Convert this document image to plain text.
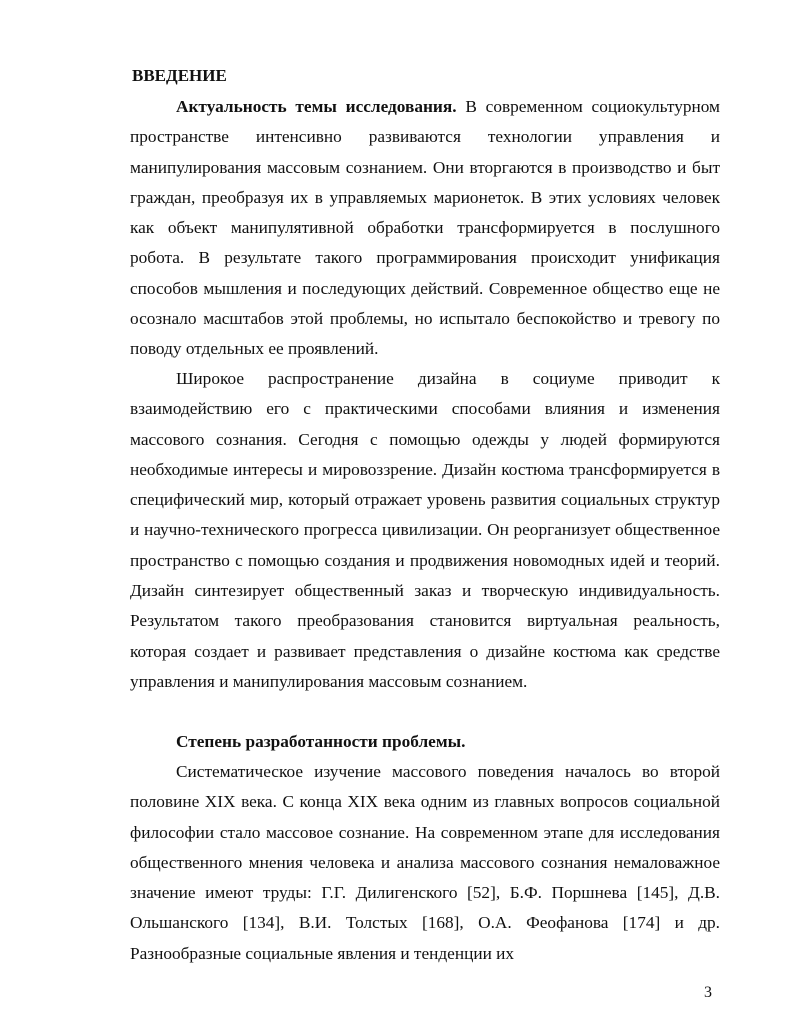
ВВЕДЕНИЕ

Актуальность темы исследования. В современном социокультурном пространстве интенсивно развиваются технологии управления и манипулирования массовым сознанием. Они вторгаются в производство и быт граждан, преобразуя их в управляемых марионеток. В этих условиях человек как объект манипулятивной обработки трансформируется в послушного робота. В результате такого программирования происходит унификация способов мышления и последующих действий. Современное общество еще не осознало масштабов этой проблемы, но испытало беспокойство и тревогу по поводу отдельных ее проявлений.

Широкое распространение дизайна в социуме приводит к взаимодействию его с практическими способами влияния и изменения массового сознания. Сегодня с помощью одежды у людей формируются необходимые интересы и мировоззрение. Дизайн костюма трансформируется в специфический мир, который отражает уровень развития социальных структур и научно-технического прогресса цивилизации. Он реорганизует общественное пространство с помощью создания и продвижения новомодных идей и теорий. Дизайн синтезирует общественный заказ и творческую индивидуальность. Результатом такого преобразования становится виртуальная реальность, которая создает и развивает представления о дизайне костюма как средстве управления и манипулирования массовым сознанием.

Степень разработанности проблемы.

Систематическое изучение массового поведения началось во второй половине XIX века. С конца XIX века одним из главных вопросов социальной философии стало массовое сознание. На современном этапе для исследования общественного мнения человека и анализа массового сознания немаловажное значение имеют труды: Г.Г. Дилигенского [52], Б.Ф. Поршнева [145], Д.В. Ольшанского [134], В.И. Толстых [168], О.А. Феофанова [174] и др. Разнообразные социальные явления и тенденции их

3
